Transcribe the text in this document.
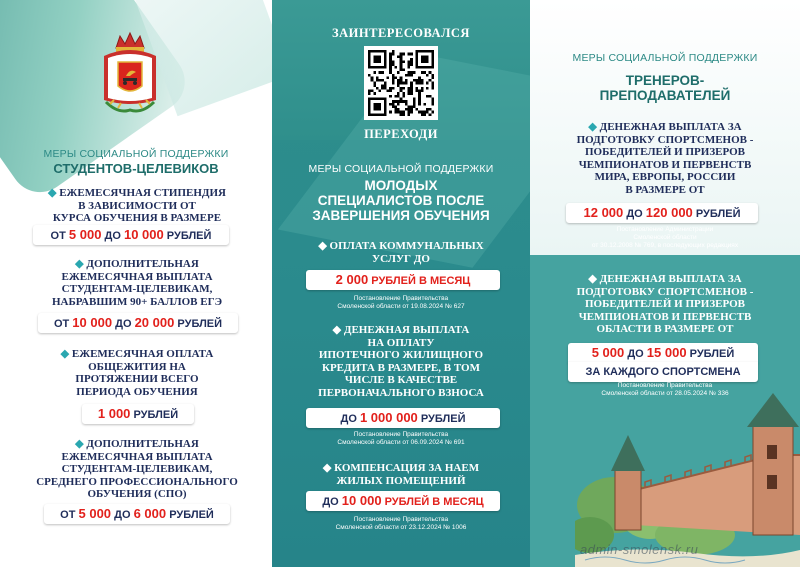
МЕРЫ СОЦИАЛЬНОЙ ПОДДЕРЖКИ
СТУДЕНТОВ-ЦЕЛЕВИКОВ
◆ ЕЖЕМЕСЯЧНАЯ СТИПЕНДИЯ
В ЗАВИСИМОСТИ ОТ
КУРСА ОБУЧЕНИЯ В РАЗМЕРЕ
ОТ 5 000 ДО 10 000 РУБЛЕЙ
◆ ДОПОЛНИТЕЛЬНАЯ
ЕЖЕМЕСЯЧНАЯ ВЫПЛАТА
СТУДЕНТАМ-ЦЕЛЕВИКАМ,
НАБРАВШИМ 90+ БАЛЛОВ ЕГЭ
ОТ 10 000 ДО 20 000 РУБЛЕЙ
◆ ЕЖЕМЕСЯЧНАЯ ОПЛАТА
ОБЩЕЖИТИЯ НА
ПРОТЯЖЕНИИ ВСЕГО
ПЕРИОДА ОБУЧЕНИЯ
1 000 РУБЛЕЙ
◆ ДОПОЛНИТЕЛЬНАЯ
ЕЖЕМЕСЯЧНАЯ ВЫПЛАТА
СТУДЕНТАМ-ЦЕЛЕВИКАМ,
СРЕДНЕГО ПРОФЕССИОНАЛЬНОГО
ОБУЧЕНИЯ (СПО)
ОТ 5 000 ДО 6 000 РУБЛЕЙ
ЗАИНТЕРЕСОВАЛСЯ
ПЕРЕХОДИ
МЕРЫ СОЦИАЛЬНОЙ ПОДДЕРЖКИ
МОЛОДЫХ
СПЕЦИАЛИСТОВ ПОСЛЕ
ЗАВЕРШЕНИЯ ОБУЧЕНИЯ
◆ ОПЛАТА КОММУНАЛЬНЫХ
УСЛУГ ДО
2 000 РУБЛЕЙ В МЕСЯЦ
Постановление Правительства
Смоленской области от 19.08.2024 № 627
◆ ДЕНЕЖНАЯ ВЫПЛАТА
НА ОПЛАТУ
ИПОТЕЧНОГО ЖИЛИЩНОГО
КРЕДИТА В РАЗМЕРЕ, В ТОМ
ЧИСЛЕ В КАЧЕСТВЕ
ПЕРВОНАЧАЛЬНОГО ВЗНОСА
ДО 1 000 000 РУБЛЕЙ
Постановление Правительства
Смоленской области от 06.09.2024 № 691
◆ КОМПЕНСАЦИЯ ЗА НАЕМ
ЖИЛЫХ ПОМЕЩЕНИЙ
ДО 10 000 РУБЛЕЙ В МЕСЯЦ
Постановление Правительства
Смоленской области от 23.12.2024 № 1006
МЕРЫ СОЦИАЛЬНОЙ ПОДДЕРЖКИ
ТРЕНЕРОВ-
ПРЕПОДАВАТЕЛЕЙ
◆ ДЕНЕЖНАЯ ВЫПЛАТА ЗА
ПОДГОТОВКУ СПОРТСМЕНОВ -
ПОБЕДИТЕЛЕЙ И ПРИЗЕРОВ
ЧЕМПИОНАТОВ И ПЕРВЕНСТВ
МИРА, ЕВРОПЫ, РОССИИ
В РАЗМЕРЕ ОТ
12 000 ДО 120 000 РУБЛЕЙ
Постановление Администрации
Смоленской области
от 30.12.2008 № 769, в последующих редакциях
◆ ДЕНЕЖНАЯ ВЫПЛАТА ЗА
ПОДГОТОВКУ СПОРТСМЕНОВ -
ПОБЕДИТЕЛЕЙ И ПРИЗЕРОВ
ЧЕМПИОНАТОВ И ПЕРВЕНСТВ
ОБЛАСТИ В РАЗМЕРЕ ОТ
5 000 ДО 15 000 РУБЛЕЙ
ЗА КАЖДОГО СПОРТСМЕНА
Постановление Правительства
Смоленской области от 28.05.2024 № 336
admin-smolensk.ru
